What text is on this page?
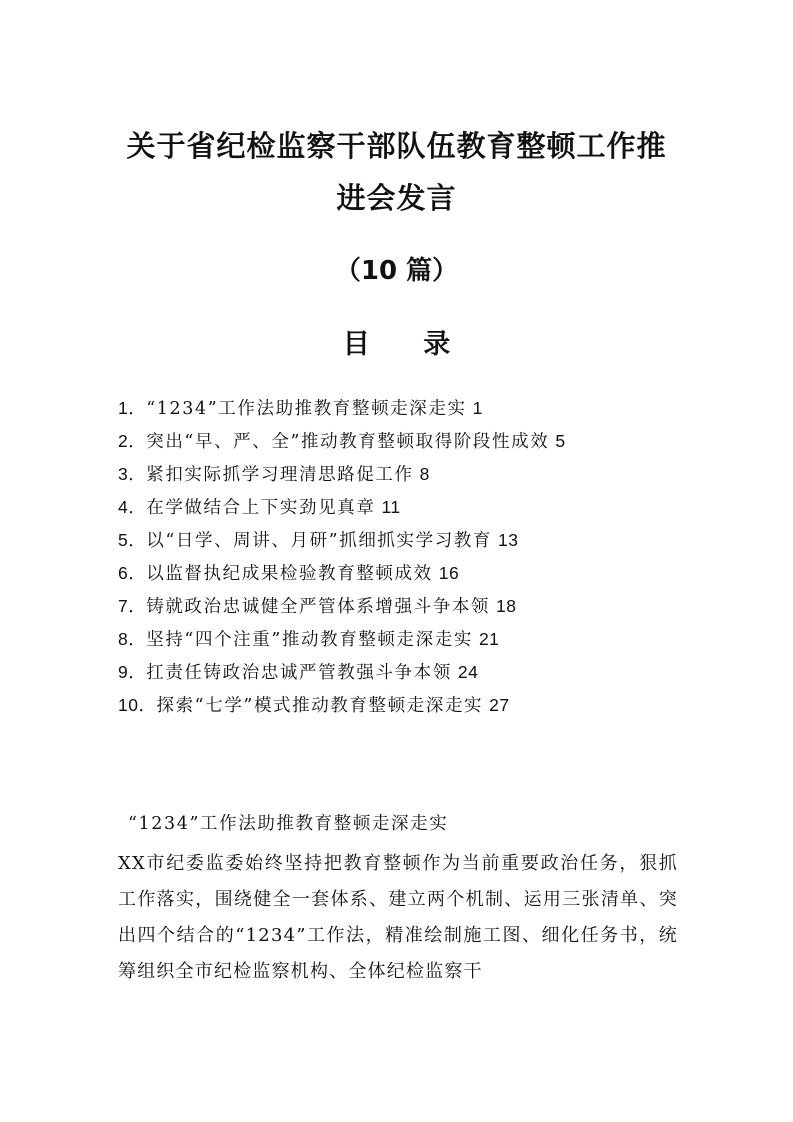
关于省纪检监察干部队伍教育整顿工作推
进会发言
（10 篇）
目 录
1．“1234”工作法助推教育整顿走深走实 1
2．突出“早、严、全”推动教育整顿取得阶段性成效 5
3．紧扣实际抓学习理清思路促工作 8
4．在学做结合上下实劲见真章 11
5．以“日学、周讲、月研”抓细抓实学习教育 13
6．以监督执纪成果检验教育整顿成效 16
7．铸就政治忠诚健全严管体系增强斗争本领 18
8．坚持“四个注重”推动教育整顿走深走实 21
9．扛责任铸政治忠诚严管教强斗争本领 24
10．探索“七学”模式推动教育整顿走深走实 27
“1234”工作法助推教育整顿走深走实

XX市纪委监委始终坚持把教育整顿作为当前重要政治任务，狠抓工作落实，围绕健全一套体系、建立两个机制、运用三张清单、突出四个结合的“1234”工作法，精准绘制施工图、细化任务书，统筹组织全市纪检监察机构、全体纪检监察干
